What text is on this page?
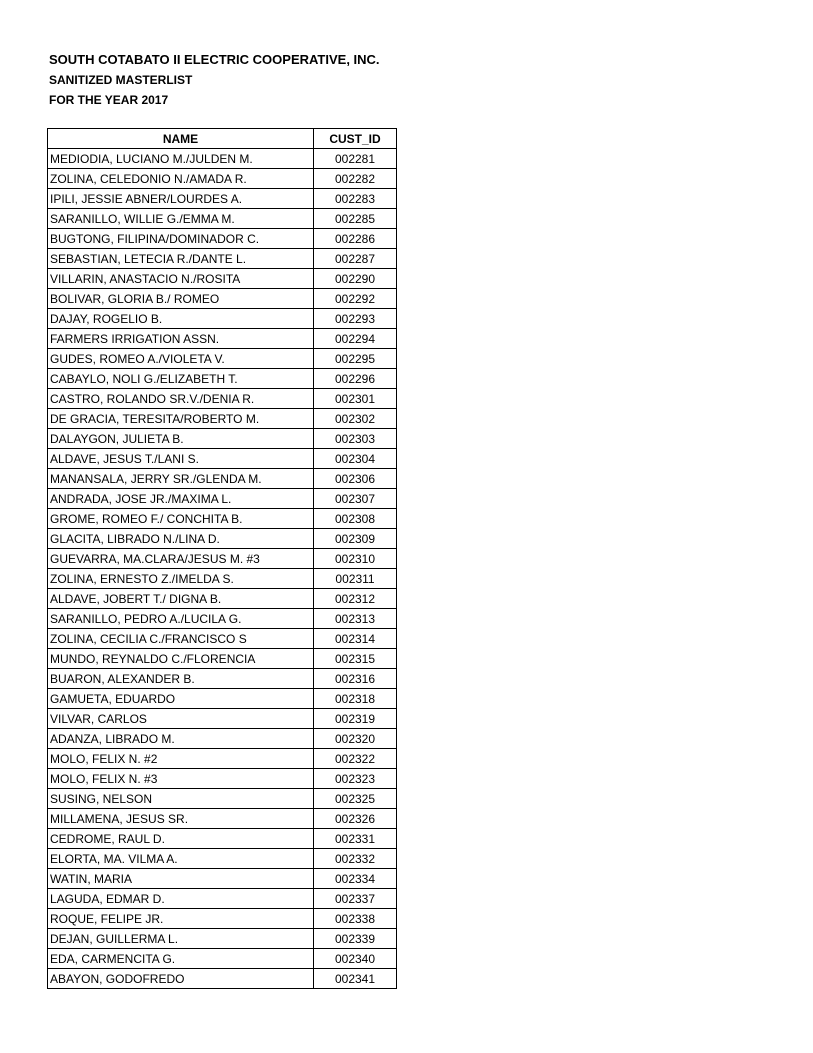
SOUTH COTABATO II ELECTRIC COOPERATIVE, INC.
SANITIZED MASTERLIST
FOR THE YEAR 2017
NAME	CUST_ID
MEDIODIA, LUCIANO M./JULDEN M.	002281
ZOLINA, CELEDONIO N./AMADA R.	002282
IPILI, JESSIE ABNER/LOURDES A.	002283
SARANILLO, WILLIE G./EMMA M.	002285
BUGTONG, FILIPINA/DOMINADOR C.	002286
SEBASTIAN, LETECIA R./DANTE L.	002287
VILLARIN, ANASTACIO N./ROSITA	002290
BOLIVAR, GLORIA B./ ROMEO	002292
DAJAY, ROGELIO B.	002293
FARMERS IRRIGATION ASSN.	002294
GUDES, ROMEO A./VIOLETA V.	002295
CABAYLO, NOLI G./ELIZABETH T.	002296
CASTRO, ROLANDO SR.V./DENIA R.	002301
DE GRACIA, TERESITA/ROBERTO M.	002302
DALAYGON, JULIETA B.	002303
ALDAVE, JESUS T./LANI S.	002304
MANANSALA, JERRY SR./GLENDA M.	002306
ANDRADA, JOSE JR./MAXIMA L.	002307
GROME, ROMEO F./ CONCHITA B.	002308
GLACITA, LIBRADO N./LINA D.	002309
GUEVARRA, MA.CLARA/JESUS M. #3	002310
ZOLINA, ERNESTO Z./IMELDA S.	002311
ALDAVE, JOBERT T./ DIGNA B.	002312
SARANILLO, PEDRO A./LUCILA G.	002313
ZOLINA, CECILIA C./FRANCISCO S	002314
MUNDO, REYNALDO C./FLORENCIA	002315
BUARON, ALEXANDER B.	002316
GAMUETA, EDUARDO	002318
VILVAR, CARLOS	002319
ADANZA, LIBRADO M.	002320
MOLO, FELIX N. #2	002322
MOLO, FELIX N. #3	002323
SUSING, NELSON	002325
MILLAMENA, JESUS SR.	002326
CEDROME, RAUL D.	002331
ELORTA, MA. VILMA A.	002332
WATIN, MARIA	002334
LAGUDA, EDMAR D.	002337
ROQUE, FELIPE JR.	002338
DEJAN, GUILLERMA L.	002339
EDA, CARMENCITA G.	002340
ABAYON, GODOFREDO	002341
